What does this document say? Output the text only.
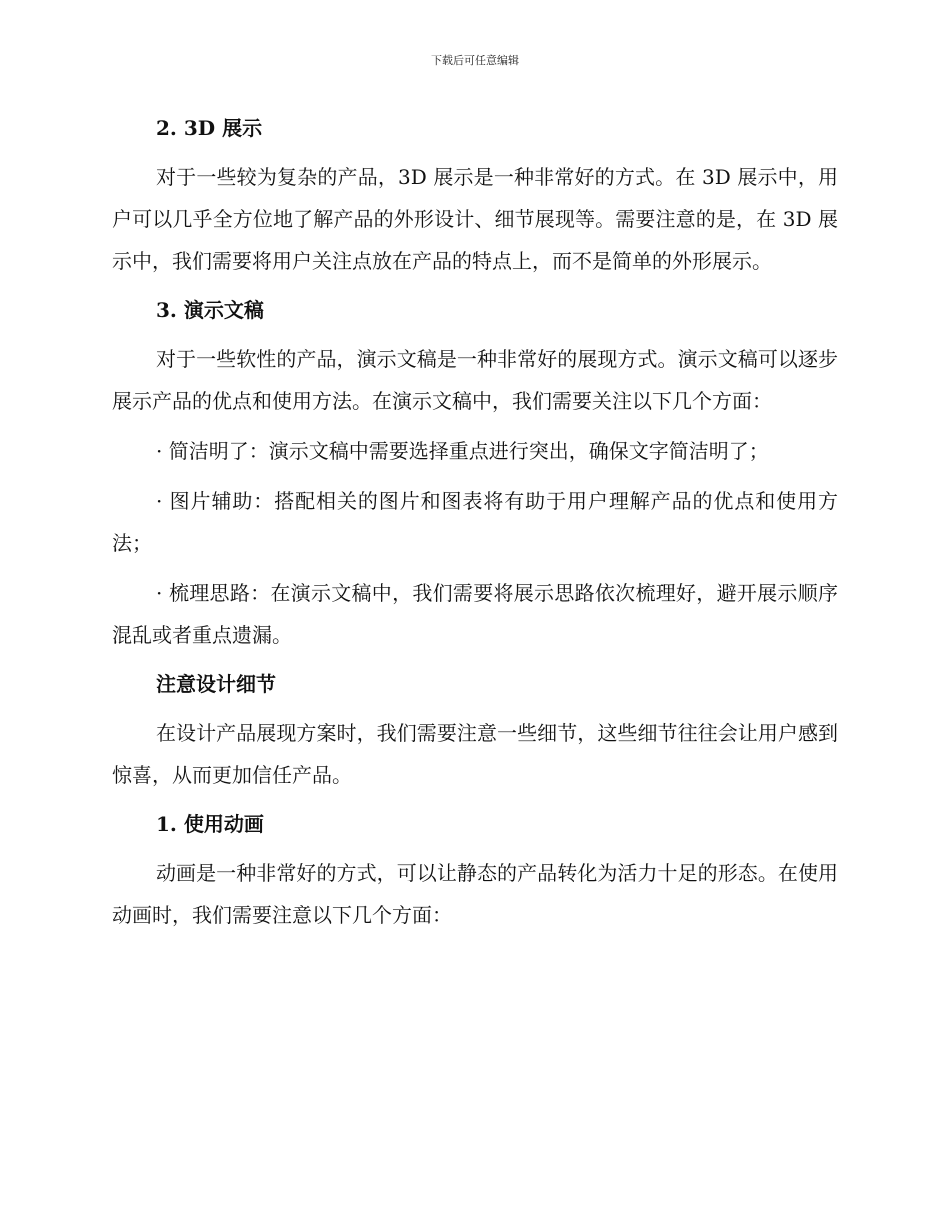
下载后可任意编辑
2. 3D 展示
对于一些较为复杂的产品，3D 展示是一种非常好的方式。在 3D 展示中，用户可以几乎全方位地了解产品的外形设计、细节展现等。需要注意的是，在 3D 展示中，我们需要将用户关注点放在产品的特点上，而不是简单的外形展示。
3. 演示文稿
对于一些软性的产品，演示文稿是一种非常好的展现方式。演示文稿可以逐步展示产品的优点和使用方法。在演示文稿中，我们需要关注以下几个方面：
· 简洁明了：演示文稿中需要选择重点进行突出，确保文字简洁明了；
· 图片辅助：搭配相关的图片和图表将有助于用户理解产品的优点和使用方法；
· 梳理思路：在演示文稿中，我们需要将展示思路依次梳理好，避开展示顺序混乱或者重点遗漏。
注意设计细节
在设计产品展现方案时，我们需要注意一些细节，这些细节往往会让用户感到惊喜，从而更加信任产品。
1. 使用动画
动画是一种非常好的方式，可以让静态的产品转化为活力十足的形态。在使用动画时，我们需要注意以下几个方面：
